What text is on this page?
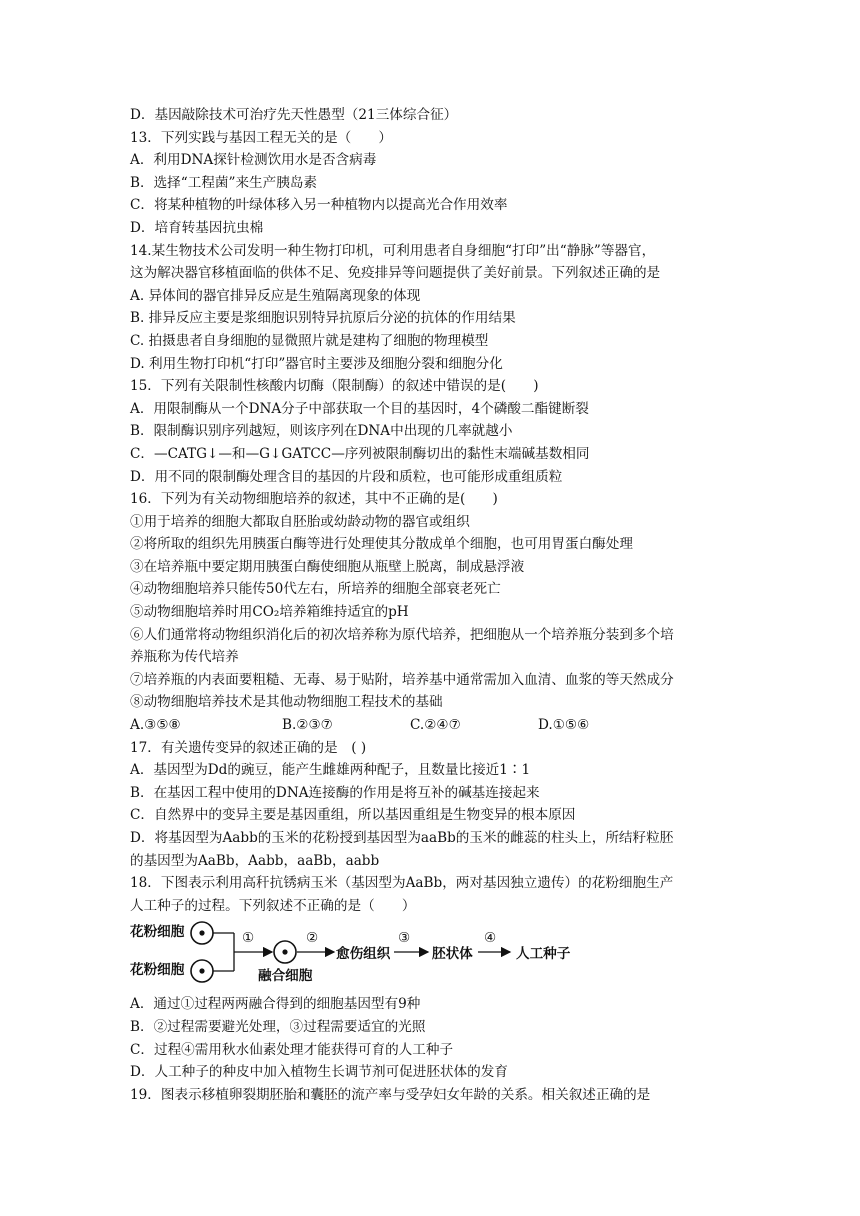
D．基因敲除技术可治疗先天性愚型（21三体综合征）
13．下列实践与基因工程无关的是（　　）
A．利用DNA探针检测饮用水是否含病毒
B．选择“工程菌”来生产胰岛素
C．将某种植物的叶绿体移入另一种植物内以提高光合作用效率
D．培育转基因抗虫棉
14.某生物技术公司发明一种生物打印机，可利用患者自身细胞“打印”出“静脉”等器官，
这为解决器官移植面临的供体不足、免疫排异等问题提供了美好前景。下列叙述正确的是
A. 异体间的器官排异反应是生殖隔离现象的体现
B. 排异反应主要是浆细胞识别特异抗原后分泌的抗体的作用结果
C. 拍摄患者自身细胞的显微照片就是建构了细胞的物理模型
D. 利用生物打印机“打印”器官时主要涉及细胞分裂和细胞分化
15．下列有关限制性核酸内切酶（限制酶）的叙述中错误的是(　　)
A．用限制酶从一个DNA分子中部获取一个目的基因时，4个磷酸二酯键断裂
B．限制酶识别序列越短，则该序列在DNA中出现的几率就越小
C．—CATG↓—和—G↓GATCC—序列被限制酶切出的黏性末端碱基数相同
D．用不同的限制酶处理含目的基因的片段和质粒，也可能形成重组质粒
16．下列为有关动物细胞培养的叙述，其中不正确的是(　　)
①用于培养的细胞大都取自胚胎或幼龄动物的器官或组织
②将所取的组织先用胰蛋白酶等进行处理使其分散成单个细胞，也可用胃蛋白酶处理
③在培养瓶中要定期用胰蛋白酶使细胞从瓶壁上脱离，制成悬浮液
④动物细胞培养只能传50代左右，所培养的细胞全部衰老死亡
⑤动物细胞培养时用CO₂培养箱维持适宜的pH
⑥人们通常将动物组织消化后的初次培养称为原代培养，把细胞从一个培养瓶分装到多个培
养瓶称为传代培养
⑦培养瓶的内表面要粗糙、无毒、易于贴附，培养基中通常需加入血清、血浆的等天然成分
⑧动物细胞培养技术是其他动物细胞工程技术的基础
A.③⑤⑧	B.②③⑦	C.②④⑦	D.①⑤⑥
17．有关遗传变异的叙述正确的是　( )
A．基因型为Dd的豌豆，能产生雌雄两种配子，且数量比接近1∶1
B．在基因工程中使用的DNA连接酶的作用是将互补的碱基连接起来
C．自然界中的变异主要是基因重组，所以基因重组是生物变异的根本原因
D．将基因型为Aabb的玉米的花粉授到基因型为aaBb的玉米的雌蕊的柱头上，所结籽粒胚
的基因型为AaBb，Aabb，aaBb，aabb
18．下图表示利用高秆抗锈病玉米（基因型为AaBb，两对基因独立遗传）的花粉细胞生产
人工种子的过程。下列叙述不正确的是（　　）
花粉细胞
花粉细胞
①
融合细胞
②
愈伤组织
③
胚状体
④
人工种子
A．通过①过程两两融合得到的细胞基因型有9种
B．②过程需要避光处理，③过程需要适宜的光照
C．过程④需用秋水仙素处理才能获得可育的人工种子
D．人工种子的种皮中加入植物生长调节剂可促进胚状体的发育
19．图表示移植卵裂期胚胎和囊胚的流产率与受孕妇女年龄的关系。相关叙述正确的是
